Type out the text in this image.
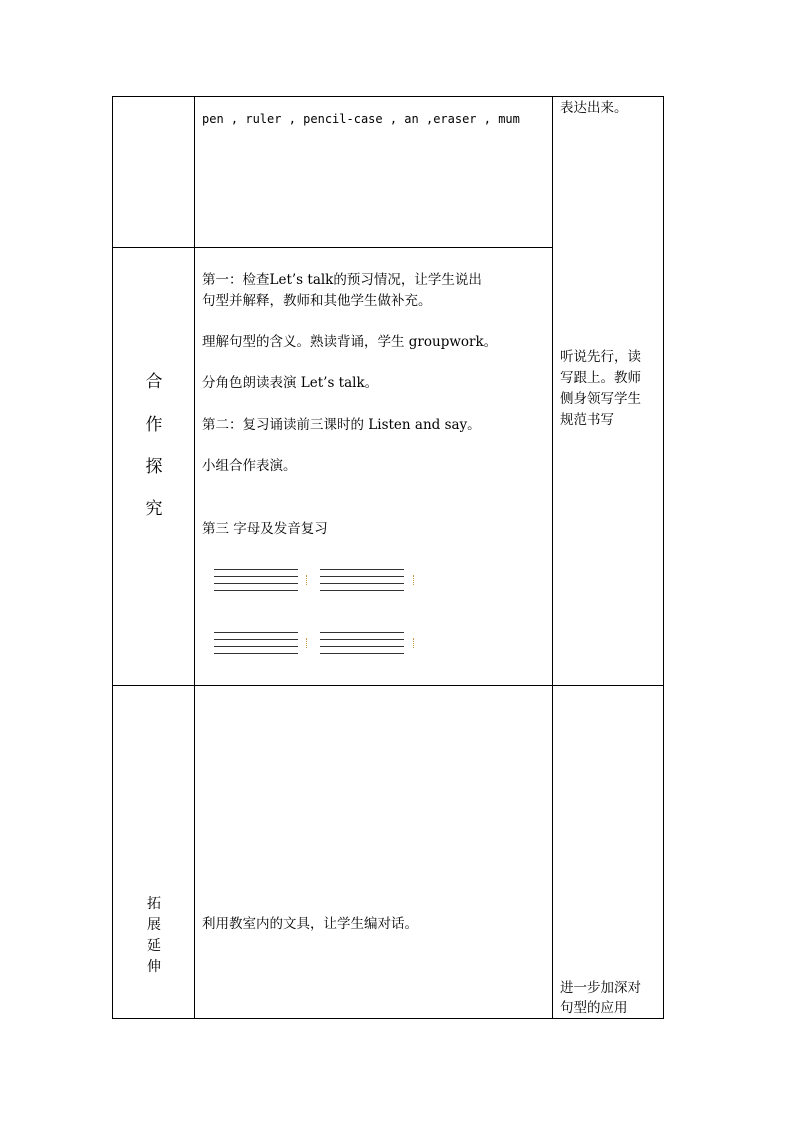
pen , ruler , pencil-case , an ,eraser , mum
表达出来。
合
作
探
究
第一：检查Let’s talk的预习情况，让学生说出
句型并解释，教师和其他学生做补充。
理解句型的含义。熟读背诵，学生 groupwork。
分角色朗读表演 Let’s talk。
第二：复习诵读前三课时的 Listen and say。
小组合作表演。
第三 字母及发音复习
听说先行，读
写跟上。教师
侧身领写学生
规范书写
拓
展
延
伸
利用教室内的文具，让学生编对话。
进一步加深对
句型的应用
